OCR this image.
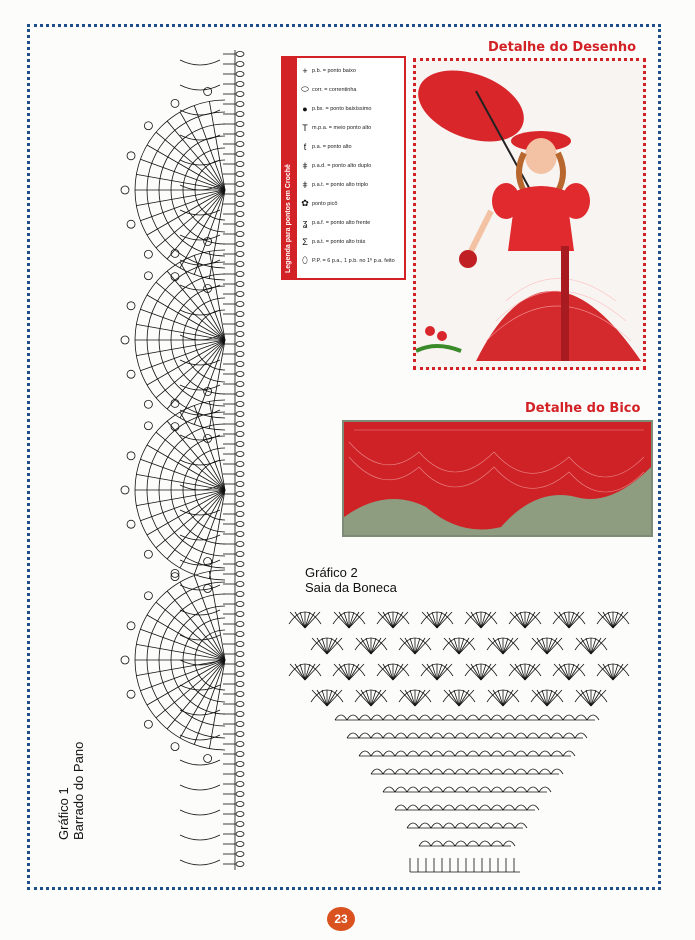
Gráfico 1 Barrado do Pano
Legenda para pontos em Crochê
+ p.b. = ponto baixo
⬭ corr. = correntinha
● p.bx. = ponto baixíssimo
T m.p.a. = meio ponto alto
ƭ	p.a. = ponto alto
ǂ p.a.d. = ponto alto duplo
ǂ p.a.t. = ponto alto triplo
✿ ponto picô
ʓ p.a.f. = ponto alto frente
Ʃ p.a.t. = ponto alto trás
⬯ P.P. = 6 p.a., 1 p.b. no 1º p.a. feito
Detalhe do Desenho
Detalhe do Bico
Gráfico 2
Saia da Boneca
23
